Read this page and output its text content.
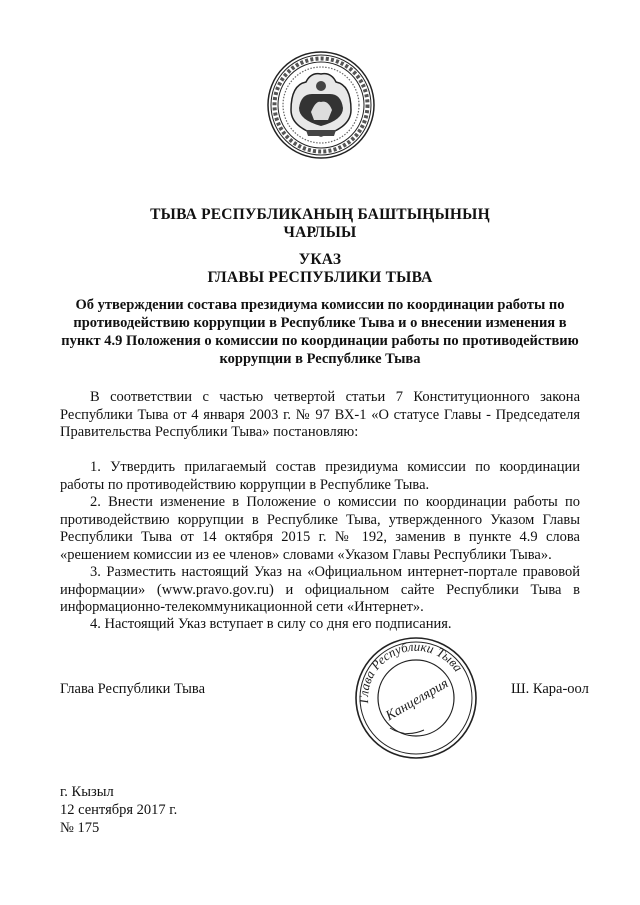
ТЫВА РЕСПУБЛИКАНЫҢ БАШТЫҢЫНЫҢ
ЧАРЛЫЫ
УКАЗ
ГЛАВЫ РЕСПУБЛИКИ ТЫВА
Об утверждении состава президиума комиссии по координации работы по
противодействию коррупции в Республике Тыва и о внесении изменения в
пункт 4.9 Положения о комиссии по координации работы по противодействию
коррупции в Республике Тыва
В соответствии с частью четвертой статьи 7 Конституционного закона Республики Тыва от 4 января 2003 г. № 97 ВХ-1 «О статусе Главы - Председателя Правительства Республики Тыва» постановляю:
1. Утвердить прилагаемый состав президиума комиссии по координации работы по противодействию коррупции в Республике Тыва.
2. Внести изменение в Положение о комиссии по координации работы по противодействию коррупции в Республике Тыва, утвержденного Указом Главы Республики Тыва от 14 октября 2015 г. № 192, заменив в пункте 4.9 слова «решением комиссии из ее членов» словами «Указом Главы Республики Тыва».
3. Разместить настоящий Указ на «Официальном интернет-портале правовой информации» (www.pravo.gov.ru) и официальном сайте Республики Тыва в информационно-телекоммуникационной сети «Интернет».
4. Настоящий Указ вступает в силу со дня его подписания.
Глава Республики Тыва	Ш. Кара-оол
Глава Республики Тыва
Канцелярия
г. Кызыл
12 сентября 2017 г.
№ 175
